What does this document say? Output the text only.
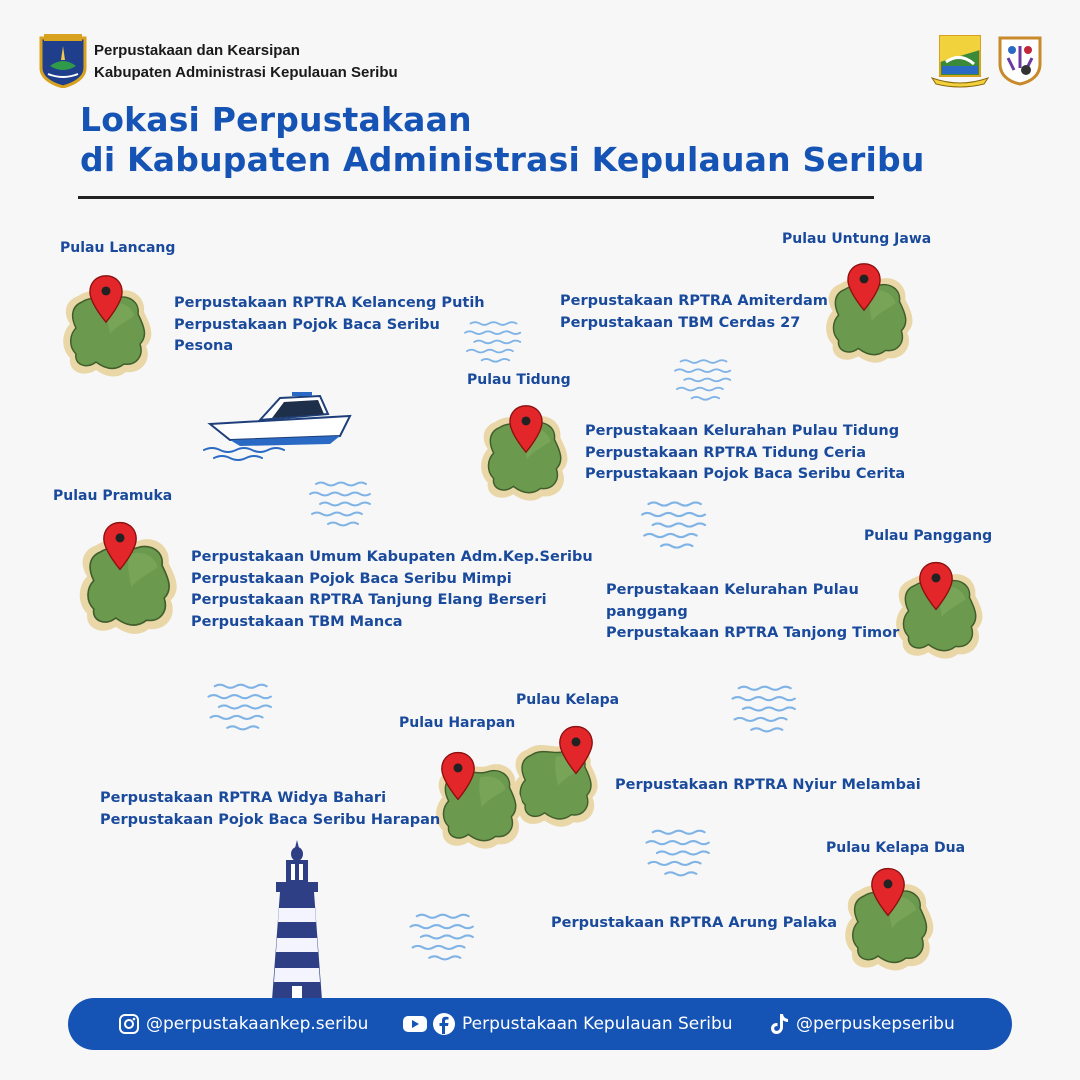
Perpustakaan dan Kearsipan
Kabupaten Administrasi Kepulauan Seribu
Lokasi Perpustakaan
di Kabupaten Administrasi Kepulauan Seribu
Pulau Lancang
Perpustakaan RPTRA Kelanceng Putih
Perpustakaan Pojok Baca Seribu
Pesona
Pulau Untung Jawa
Perpustakaan RPTRA Amiterdam
Perpustakaan TBM Cerdas 27
Pulau Tidung
Perpustakaan Kelurahan Pulau Tidung
Perpustakaan RPTRA Tidung Ceria
Perpustakaan Pojok Baca Seribu Cerita
Pulau Pramuka
Perpustakaan Umum Kabupaten Adm.Kep.Seribu
Perpustakaan Pojok Baca Seribu Mimpi
Perpustakaan RPTRA Tanjung Elang Berseri
Perpustakaan TBM Manca
Pulau Panggang
Perpustakaan Kelurahan Pulau
panggang
Perpustakaan RPTRA Tanjong Timor
Pulau Kelapa
Perpustakaan RPTRA Nyiur Melambai
Pulau Harapan
Perpustakaan RPTRA Widya Bahari
Perpustakaan Pojok Baca Seribu Harapan
Pulau Kelapa Dua
Perpustakaan RPTRA Arung Palaka
@perpustakaankep.seribu	Perpustakaan Kepulauan Seribu	@perpuskepseribu
